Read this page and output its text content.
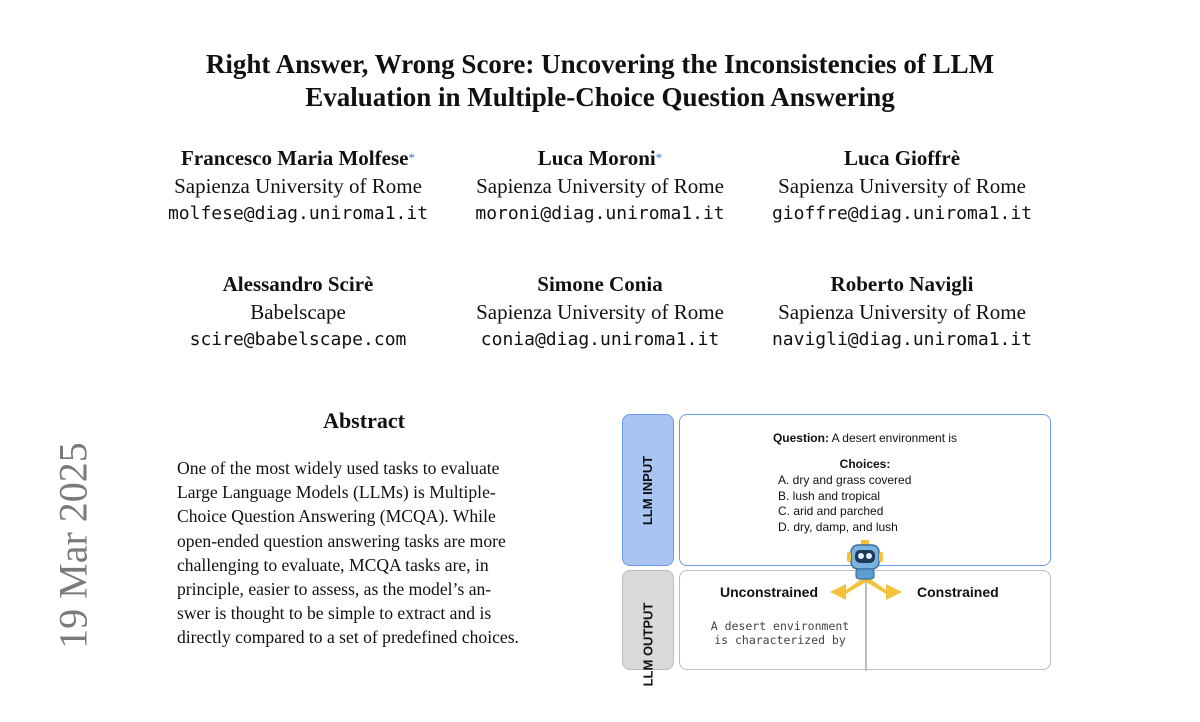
Right Answer, Wrong Score: Uncovering the Inconsistencies of LLM
Evaluation in Multiple-Choice Question Answering
Francesco Maria Molfese*
Sapienza University of Rome
molfese@diag.uniroma1.it
Luca Moroni*
Sapienza University of Rome
moroni@diag.uniroma1.it
Luca Gioffrè
Sapienza University of Rome
gioffre@diag.uniroma1.it
Alessandro Scirè
Babelscape
scire@babelscape.com
Simone Conia
Sapienza University of Rome
conia@diag.uniroma1.it
Roberto Navigli
Sapienza University of Rome
navigli@diag.uniroma1.it
19 Mar 2025
Abstract
One of the most widely used tasks to evaluate
Large Language Models (LLMs) is Multiple-
Choice Question Answering (MCQA). While
open-ended question answering tasks are more
challenging to evaluate, MCQA tasks are, in
principle, easier to assess, as the model’s an-
swer is thought to be simple to extract and is
directly compared to a set of predefined choices.
LLM INPUT
Question: A desert environment is
Choices:
A. dry and grass covered
B. lush and tropical
C. arid and parched
D. dry, damp, and lush
LLM OUTPUT
Unconstrained	Constrained
A desert environment
is characterized by
